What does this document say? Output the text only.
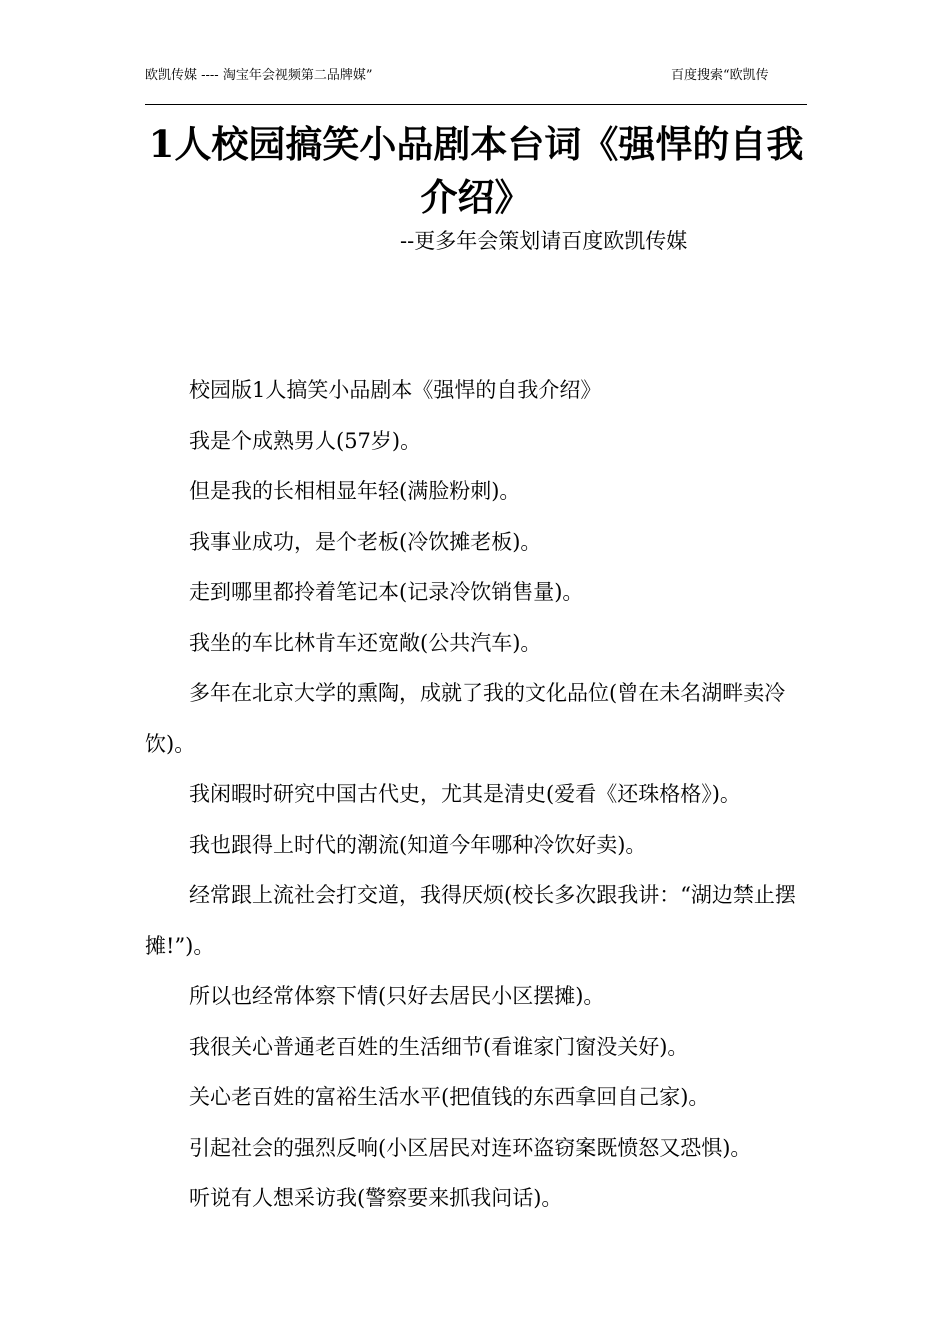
欧凯传媒 ---- 淘宝年会视频第二品牌媒”	百度搜索“欧凯传
1人校园搞笑小品剧本台词《强悍的自我介绍》
--更多年会策划请百度欧凯传媒

校园版1人搞笑小品剧本《强悍的自我介绍》

我是个成熟男人(57岁)。

但是我的长相相显年轻(满脸粉刺)。

我事业成功，是个老板(冷饮摊老板)。

走到哪里都拎着笔记本(记录冷饮销售量)。

我坐的车比林肯车还宽敞(公共汽车)。

多年在北京大学的熏陶，成就了我的文化品位(曾在未名湖畔卖冷饮)。

我闲暇时研究中国古代史，尤其是清史(爱看《还珠格格》)。

我也跟得上时代的潮流(知道今年哪种冷饮好卖)。

经常跟上流社会打交道，我得厌烦(校长多次跟我讲：“湖边禁止摆摊!”)。

所以也经常体察下情(只好去居民小区摆摊)。

我很关心普通老百姓的生活细节(看谁家门窗没关好)。

关心老百姓的富裕生活水平(把值钱的东西拿回自己家)。

引起社会的强烈反响(小区居民对连环盗窃案既愤怒又恐惧)。

听说有人想采访我(警察要来抓我问话)。
